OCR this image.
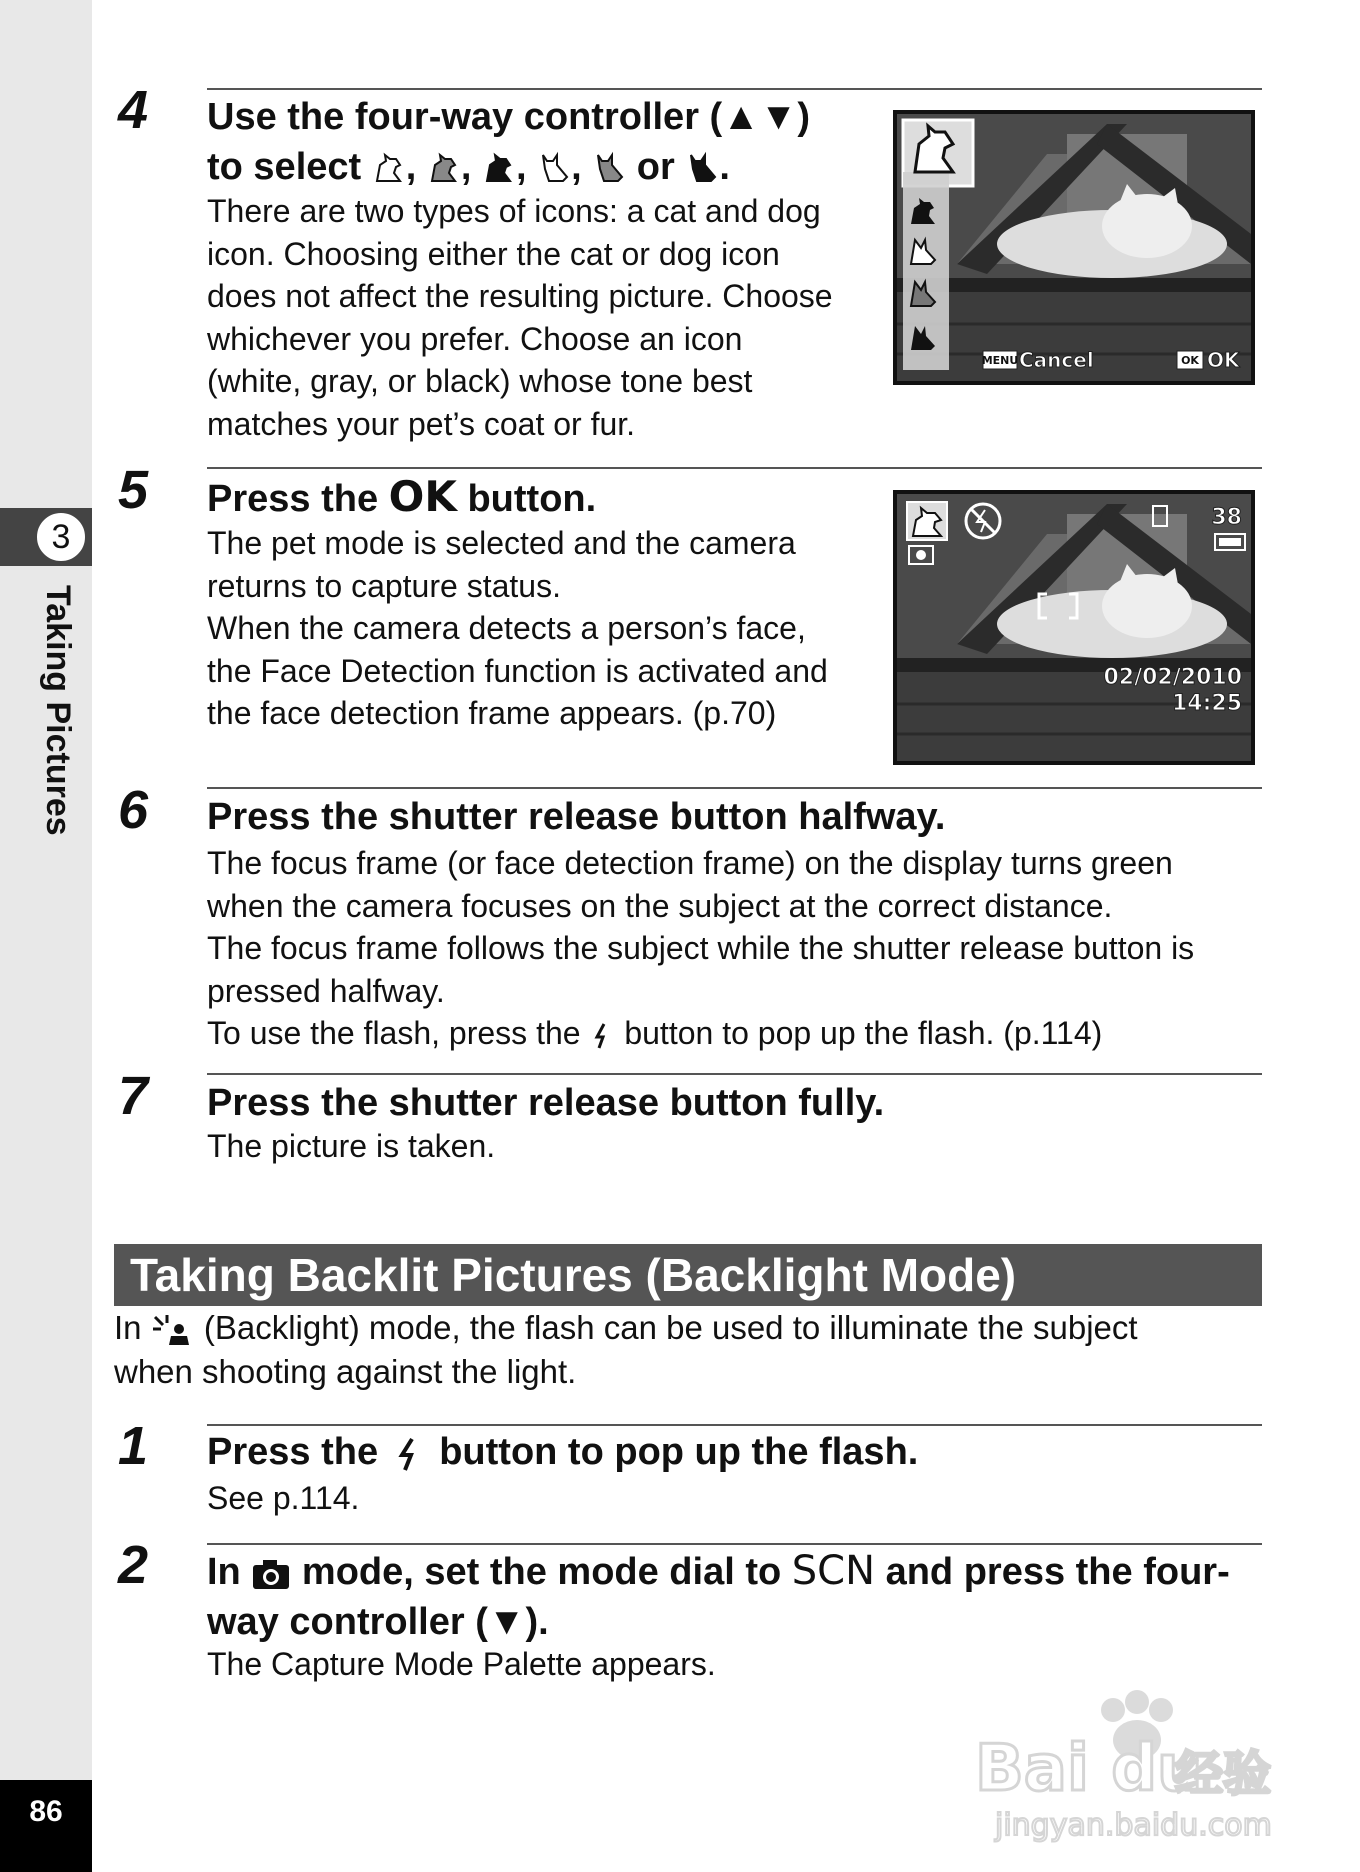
3
Taking Pictures
86
4 Use the four-way controller (▲▼)
to select , , , ,  or .
There are two types of icons: a cat and dog
icon. Choosing either the cat or dog icon
does not affect the resulting picture. Choose
whichever you prefer. Choose an icon
(white, gray, or black) whose tone best
matches your pet’s coat or fur.
MENU Cancel	OK OK
5 Press the OK button.
The pet mode is selected and the camera
returns to capture status.
When the camera detects a person’s face,
the Face Detection function is activated and
the face detection frame appears. (p.70)
38
02/02/2010
14:25
6 Press the shutter release button halfway.
The focus frame (or face detection frame) on the display turns green
when the camera focuses on the subject at the correct distance.
The focus frame follows the subject while the shutter release button is
pressed halfway.
To use the flash, press the button to pop up the flash. (p.114)
7 Press the shutter release button fully.
The picture is taken.
Taking Backlit Pictures (Backlight Mode)
In (Backlight) mode, the flash can be used to illuminate the subject
when shooting against the light.
1 Press the button to pop up the flash.
See p.114.
2 In mode, set the mode dial to SCN and press the four-
way controller (▼).
The Capture Mode Palette appears.
Bai du
经验
jingyan.baidu.com
